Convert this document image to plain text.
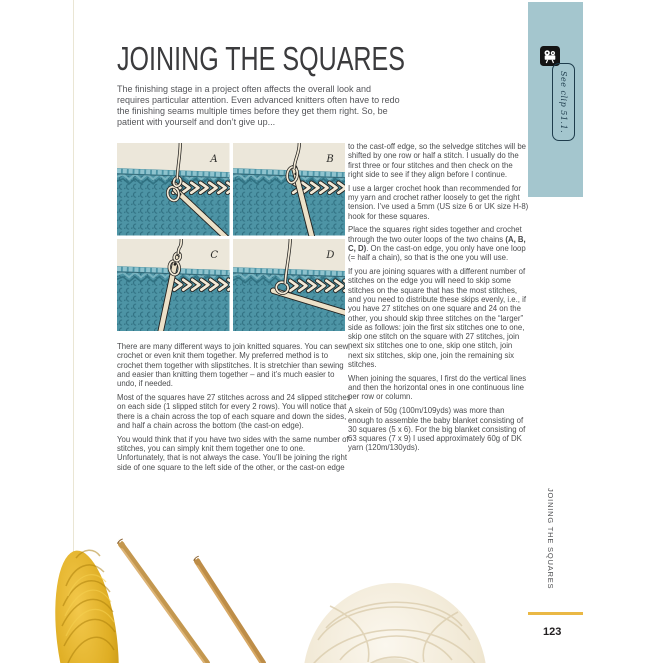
JOINING THE SQUARES

The finishing stage in a project often affects the overall look and requires particular attention. Even advanced knitters often have to redo the finishing seams multiple times before they get them right. So, be patient with yourself and don’t give up...	See clip 51.1.
A	B
C	D

There are many different ways to join knitted squares. You can sew, crochet or even knit them together. My preferred method is to crochet them together with slipstitches. It is stretchier than sewing and easier than knitting them together – and it’s much easier to undo, if needed.

Most of the squares have 27 stitches across and 24 slipped stitches on each side (1 slipped stitch for every 2 rows). You will notice that there is a chain across the top of each square and down the sides, and half a chain across the bottom (the cast-on edge).

You would think that if you have two sides with the same number of stitches, you can simply knit them together one to one. Unfortunately, that is not always the case. You’ll be joining the right side of one square to the left side of the other, or the cast-on edge

to the cast-off edge, so the selvedge stitches will be shifted by one row or half a stitch. I usually do the first three or four stitches and then check on the right side to see if they align before I continue.

I use a larger crochet hook than recommended for my yarn and crochet rather loosely to get the right tension. I’ve used a 5mm (US size 6 or UK size H-8) hook for these squares.

Place the squares right sides together and crochet through the two outer loops of the two chains (A, B, C, D). On the cast-on edge, you only have one loop (= half a chain), so that is the one you will use.

If you are joining squares with a different number of stitches on the edge you will need to skip some stitches on the square that has the most stitches, and you need to distribute these skips evenly, i.e., if you have 27 stitches on one square and 24 on the other, you should skip three stitches on the “larger” side as follows: join the first six stitches one to one, skip one stitch on the square with 27 stitches, join next six stitches one to one, skip one stitch, join next six stitches, skip one, join the remaining six stitches.

When joining the squares, I first do the vertical lines and then the horizontal ones in one continuous line per row or column.

A skein of 50g (100m/109yds) was more than enough to assemble the baby blanket consisting of 30 squares (5 x 6). For the big blanket consisting of 63 squares (7 x 9) I used approximately 60g of DK yarn (120m/130yds).

JOINING THE SQUARES
123
